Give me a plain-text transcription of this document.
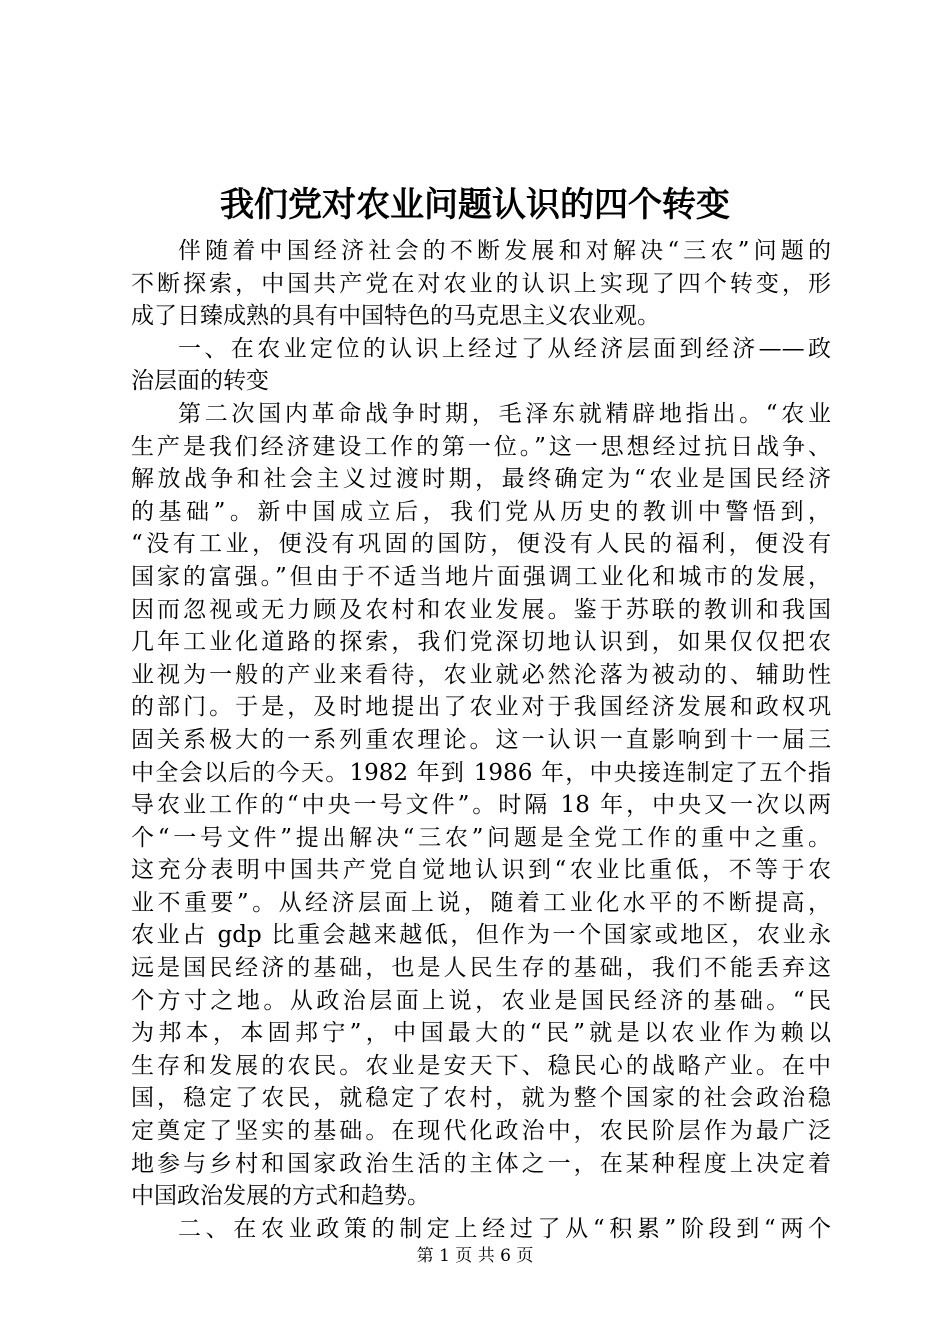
我们党对农业问题认识的四个转变
伴随着中国经济社会的不断发展和对解决“三农”问题的
不断探索，中国共产党在对农业的认识上实现了四个转变，形
成了日臻成熟的具有中国特色的马克思主义农业观。
一、在农业定位的认识上经过了从经济层面到经济——政
治层面的转变
第二次国内革命战争时期，毛泽东就精辟地指出。“农业
生产是我们经济建设工作的第一位。”这一思想经过抗日战争、
解放战争和社会主义过渡时期，最终确定为“农业是国民经济
的基础”。新中国成立后，我们党从历史的教训中警悟到，
“没有工业，便没有巩固的国防，便没有人民的福利，便没有
国家的富强。”但由于不适当地片面强调工业化和城市的发展，
因而忽视或无力顾及农村和农业发展。鉴于苏联的教训和我国
几年工业化道路的探索，我们党深切地认识到，如果仅仅把农
业视为一般的产业来看待，农业就必然沦落为被动的、辅助性
的部门。于是，及时地提出了农业对于我国经济发展和政权巩
固关系极大的一系列重农理论。这一认识一直影响到十一届三
中全会以后的今天。1982 年到 1986 年，中央接连制定了五个指
导农业工作的“中央一号文件”。时隔 18 年，中央又一次以两
个“一号文件”提出解决“三农”问题是全党工作的重中之重。
这充分表明中国共产党自觉地认识到“农业比重低，不等于农
业不重要”。从经济层面上说，随着工业化水平的不断提高，
农业占 gdp 比重会越来越低，但作为一个国家或地区，农业永
远是国民经济的基础，也是人民生存的基础，我们不能丢弃这
个方寸之地。从政治层面上说，农业是国民经济的基础。“民
为邦本，本固邦宁”，中国最大的“民”就是以农业作为赖以
生存和发展的农民。农业是安天下、稳民心的战略产业。在中
国，稳定了农民，就稳定了农村，就为整个国家的社会政治稳
定奠定了坚实的基础。在现代化政治中，农民阶层作为最广泛
地参与乡村和国家政治生活的主体之一，在某种程度上决定着
中国政治发展的方式和趋势。
二、在农业政策的制定上经过了从“积累”阶段到“两个
第 1 页 共 6 页
